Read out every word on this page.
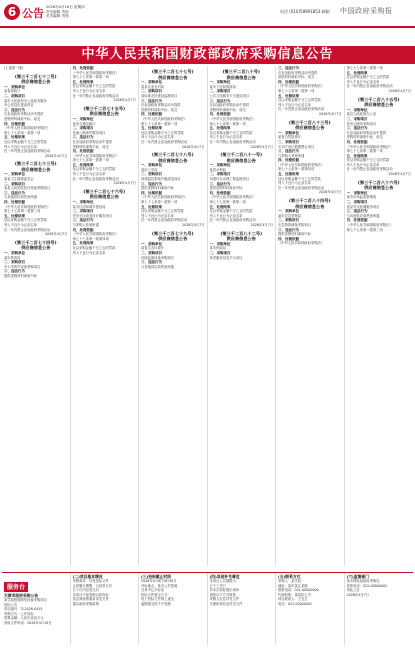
6 公告 2026年4月16日 星期四
责任编辑 责校
美术编辑 责校
电话 (010)58991853 邮箱 中国政府采购报
中华人民共和国财政部政府采购信息公告
(上接第一版)
(第三千二百七十二号)
供应商信息公告
一、采购单位
某省财政厅
二、采购项目
某市人民政府办公室政务服务
中心信息化建设项目
三、违法行为
在参加政府采购活动中提供
虚假材料谋取中标、成交
四、处理依据
《中华人民共和国政府采购法》
第七十七条第一款第一项
五、处理结果
处以采购金额千分之五的罚款
列入不良行为记录名单
在一年内禁止参加政府采购活动
2026年4月7日
(第三千二百七十三号)
供应商信息公告
一、采购单位
某省卫生健康委员会
二、采购项目
某县人民医院医疗设备采购项目
三、违法行为
与其他供应商恶意串通
四、处理依据
《中华人民共和国政府采购法》
第七十七条第一款第三项
五、处理结果
处以采购金额千分之五的罚款
列入不良行为记录名单
在一年内禁止参加政府采购活动
2026年4月7日
(第三千二百七十四号)
供应商信息公告
一、采购单位
某市教育局
二、采购项目
中小学教学设备采购项目
三、违法行为
提供虚假材料谋取中标
四、处理依据
《中华人民共和国政府采购法》
第七十七条第一款第一项
五、处理结果
处以采购金额千分之五的罚款
列入不良行为记录名单
在一年内禁止参加政府采购活动
2026年4月7日
(第三千二百七十五号)
供应商信息公告
一、采购单位
某省交通运输厅
二、采购项目
高速公路养护服务项目
三、违法行为
在参加政府采购活动中提供
虚假材料谋取中标、成交
四、处理依据
《中华人民共和国政府采购法》
第七十七条第一款第一项
五、处理结果
处以采购金额千分之五的罚款
列入不良行为记录名单
在一年内禁止参加政府采购活动
2026年4月7日
(第三千二百七十六号)
供应商信息公告
一、采购单位
某市住房和城乡建设局
二、采购项目
老旧小区改造设计服务项目
三、违法行为
与采购人恶意串通
四、处理依据
《中华人民共和国政府采购法》
第七十七条第一款第四项
五、处理结果
处以采购金额千分之五的罚款
列入不良行为记录名单
(第三千二百七十七号)
供应商信息公告
一、采购单位
某县农业农村局
二、采购项目
高标准农田建设监理项目
三、违法行为
在参加政府采购活动中提供
虚假材料谋取中标、成交
四、处理依据
《中华人民共和国政府采购法》
第七十七条第一款第一项
五、处理结果
处以采购金额千分之五的罚款
列入不良行为记录名单
在一年内禁止参加政府采购活动
2026年4月7日
(第三千二百七十八号)
供应商信息公告
一、采购单位
某市公安局
二、采购项目
视频监控系统升级改造项目
三、违法行为
提供虚假材料谋取中标
四、处理依据
《中华人民共和国政府采购法》
第七十七条第一款第一项
五、处理结果
处以采购金额千分之五的罚款
列入不良行为记录名单
在一年内禁止参加政府采购活动
2026年4月7日
(第三千二百七十九号)
供应商信息公告
一、采购单位
某省生态环境厅
二、采购项目
环境监测设备采购项目
三、违法行为
与其他供应商恶意串通
(第三千二百八十号)
供应商信息公告
一、采购单位
某市文化和旅游局
二、采购项目
公共文化服务平台建设项目
三、违法行为
在参加政府采购活动中提供
虚假材料谋取中标、成交
四、处理依据
《中华人民共和国政府采购法》
第七十七条第一款第一项
五、处理结果
处以采购金额千分之五的罚款
列入不良行为记录名单
在一年内禁止参加政府采购活动
2026年4月7日
(第三千二百八十一号)
供应商信息公告
一、采购单位
某县水利局
二、采购项目
河道综合治理工程监理项目
三、违法行为
提供虚假材料谋取中标
四、处理依据
《中华人民共和国政府采购法》
第七十七条第一款第一项
五、处理结果
处以采购金额千分之五的罚款
列入不良行为记录名单
在一年内禁止参加政府采购活动
2026年4月7日
(第三千二百八十二号)
供应商信息公告
一、采购单位
某市民政局
二、采购项目
养老服务信息平台项目
三、违法行为
在参加政府采购活动中提供
虚假材料谋取中标、成交
四、处理依据
《中华人民共和国政府采购法》
第七十七条第一款第一项
五、处理结果
处以采购金额千分之五的罚款
列入不良行为记录名单
在一年内禁止参加政府采购活动
2026年4月7日
(第三千二百八十三号)
供应商信息公告
一、采购单位
某省自然资源厅
二、采购项目
不动产登记数据整合项目
三、违法行为
与采购人恶意串通
四、处理依据
《中华人民共和国政府采购法》
第七十七条第一款第四项
五、处理结果
处以采购金额千分之五的罚款
列入不良行为记录名单
在一年内禁止参加政府采购活动
2026年4月7日
(第三千二百八十四号)
供应商信息公告
一、采购单位
某市应急管理局
二、采购项目
应急物资储备采购项目
三、违法行为
提供虚假材料谋取中标
四、处理依据
《中华人民共和国政府采购法》
第七十七条第一款第一项
五、处理结果
处以采购金额千分之五的罚款
列入不良行为记录名单
在一年内禁止参加政府采购活动
2026年4月7日
(第三千二百八十五号)
供应商信息公告
一、采购单位
某县人民政府办公室
二、采购项目
政务云服务采购项目
三、违法行为
在参加政府采购活动中提供
虚假材料谋取中标、成交
四、处理依据
《中华人民共和国政府采购法》
第七十七条第一款第一项
五、处理结果
处以采购金额千分之五的罚款
列入不良行为记录名单
在一年内禁止参加政府采购活动
2026年4月7日
(第三千二百八十六号)
供应商信息公告
一、采购单位
某市市场监督管理局
二、采购项目
食品安全检测服务项目
三、违法行为
与其他供应商恶意串通
四、处理依据
《中华人民共和国政府采购法》
第七十七条第一款第三项
服务台
天津市政府采购公告
某学院校园网络设备采购项目
招标公告
项目编号：TJ-2026-0415
采购方式：公开招标
预算金额：人民币壹佰万元
获取文件时间：2026年4月16日
(二)项目基本情况
采购需求：详见招标文件
合同履行期限：合同签订后
九十日内完成交付
本项目不接受联合体投标
供应商资格要求详见文件
落实政府采购政策
(三)投标截止时间
2026年5月8日9时30分
开标地点：某市公共资源
交易中心开标室
投标文件递交方式：
电子投标文件网上递交
逾期递交的不予受理
(四)其他补充事宜
本项目公告期限为
五个工作日
对本次招标提出询问
请按以下方式联系
采购人信息详见文件
代理机构信息详见文件
(五)联系方式
采购人：某学院
地址：某市某区某路
联系电话：022-00000000
代理机构：某招标公司
项目联系人：王先生
电话：022-00000001
(六)监督部门
某市财政局政府采购处
联系电话：022-00000002
特此公告
2026年4月7日
